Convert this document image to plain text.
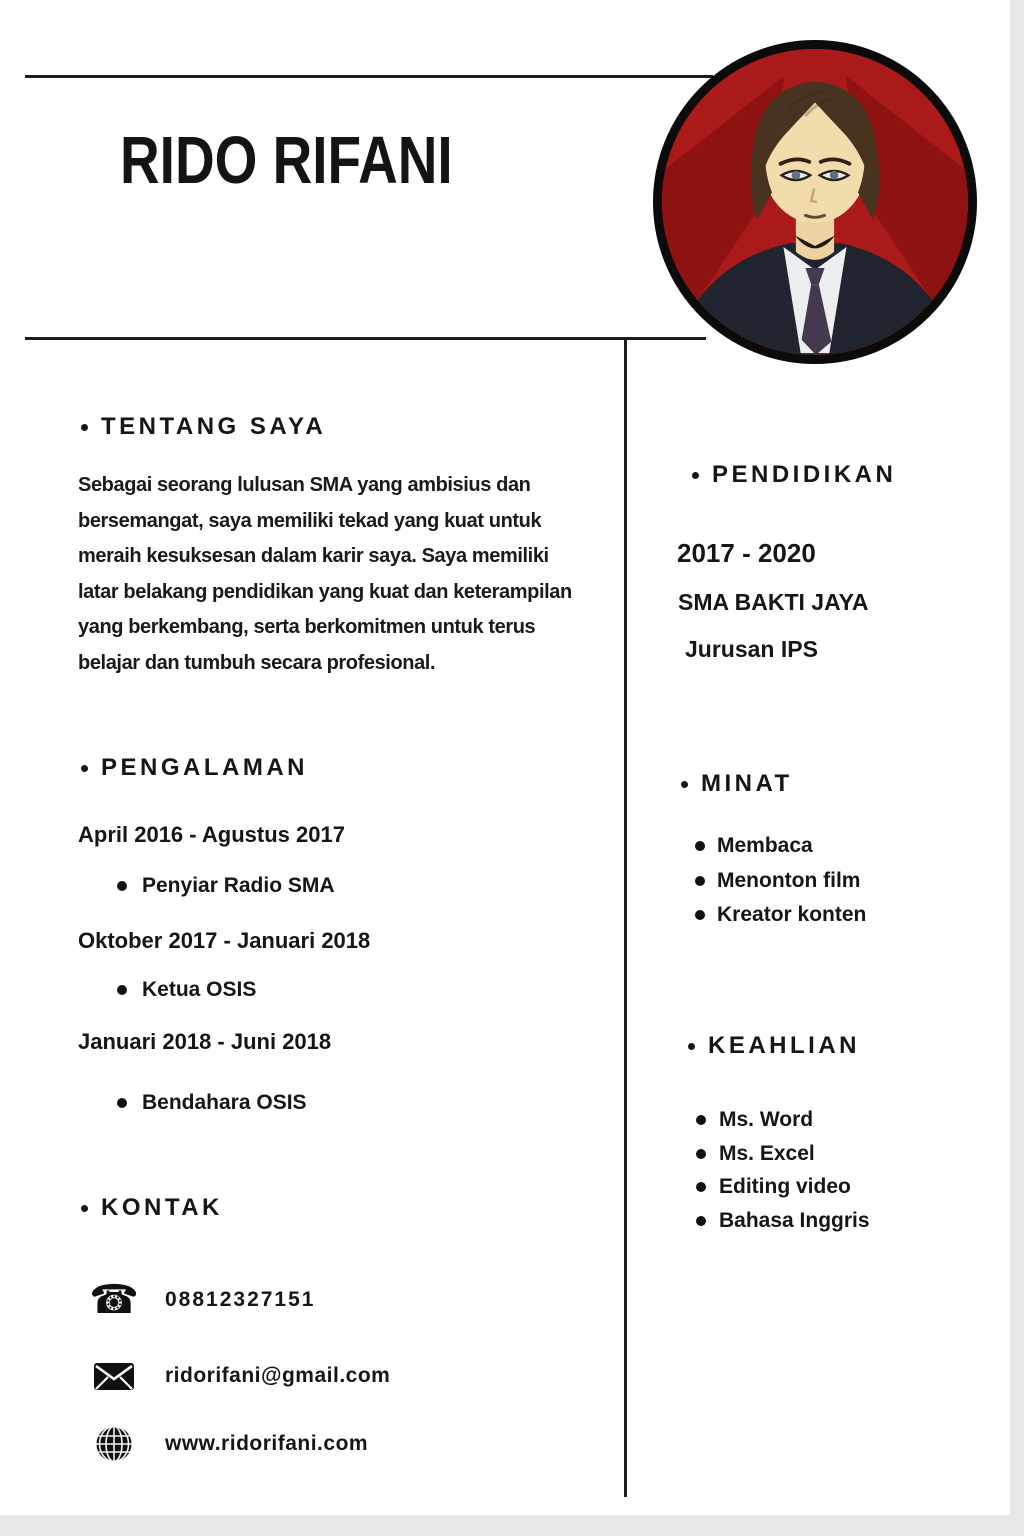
RIDO RIFANI
TENTANG SAYA
Sebagai seorang lulusan SMA yang ambisius dan bersemangat, saya memiliki tekad yang kuat untuk meraih kesuksesan dalam karir saya. Saya memiliki latar belakang pendidikan yang kuat dan keterampilan yang berkembang, serta berkomitmen untuk terus belajar dan tumbuh secara profesional.
PENGALAMAN
April 2016 - Agustus 2017
Penyiar Radio SMA
Oktober 2017 - Januari 2018
Ketua OSIS
Januari 2018 - Juni 2018
Bendahara OSIS
KONTAK
☎ 08812327151
ridorifani@gmail.com
www.ridorifani.com
PENDIDIKAN
2017 - 2020
SMA BAKTI JAYA
Jurusan IPS
MINAT
Membaca
Menonton film
Kreator konten
KEAHLIAN
Ms. Word
Ms. Excel
Editing video
Bahasa Inggris
